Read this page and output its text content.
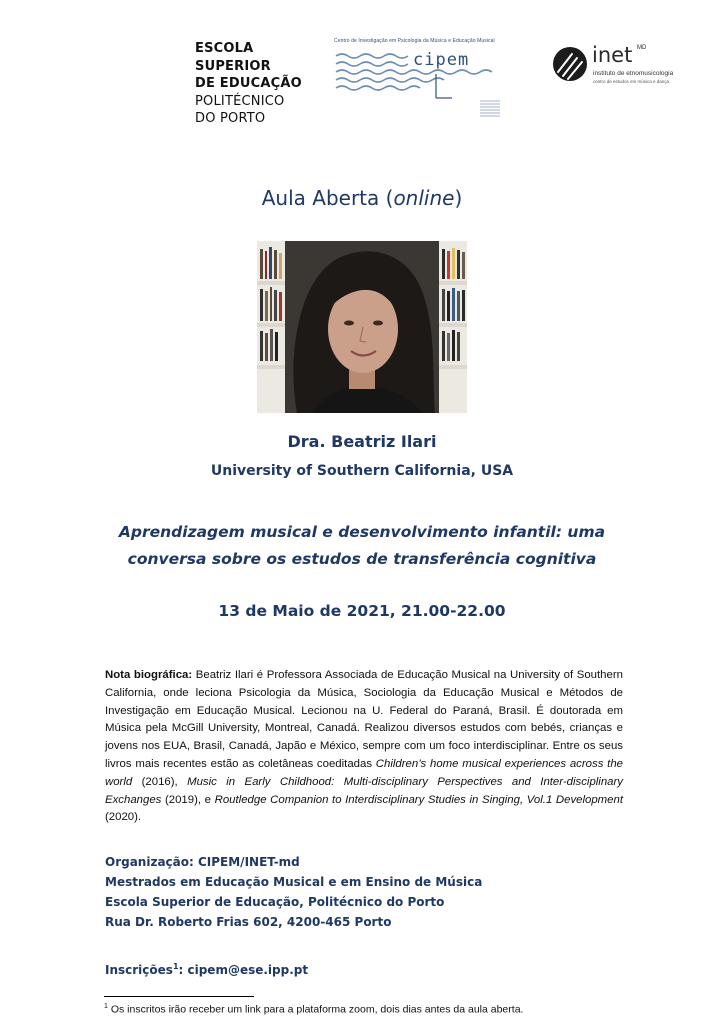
ESCOLA
SUPERIOR
DE EDUCAÇÃO
POLITÉCNICO
DO PORTO
Centro de Investigação em Psicologia da Música e Educação Musical
cipem	inet MD
instituto de etnomusicologia
centro de estudos em música e dança
Aula Aberta (online)
Dra. Beatriz Ilari
University of Southern California, USA
Aprendizagem musical e desenvolvimento infantil: uma
conversa sobre os estudos de transferência cognitiva
13 de Maio de 2021, 21.00-22.00
Nota biográfica: Beatriz Ilari é Professora Associada de Educação Musical na University of Southern California, onde leciona Psicologia da Música, Sociologia da Educação Musical e Métodos de Investigação em Educação Musical. Lecionou na U. Federal do Paraná, Brasil. É doutorada em Música pela McGill University, Montreal, Canadá. Realizou diversos estudos com bebés, crianças e jovens nos EUA, Brasil, Canadá, Japão e México, sempre com um foco interdisciplinar. Entre os seus livros mais recentes estão as coletâneas coeditadas Children’s home musical experiences across the world (2016), Music in Early Childhood: Multi-disciplinary Perspectives and Inter-disciplinary Exchanges (2019), e Routledge Companion to Interdisciplinary Studies in Singing, Vol.1 Development (2020).
Organização: CIPEM/INET-md
Mestrados em Educação Musical e em Ensino de Música
Escola Superior de Educação, Politécnico do Porto
Rua Dr. Roberto Frias 602, 4200-465 Porto
Inscrições$^1$: cipem@ese.ipp.pt
$^1$ Os inscritos irão receber um link para a plataforma zoom, dois dias antes da aula aberta.
